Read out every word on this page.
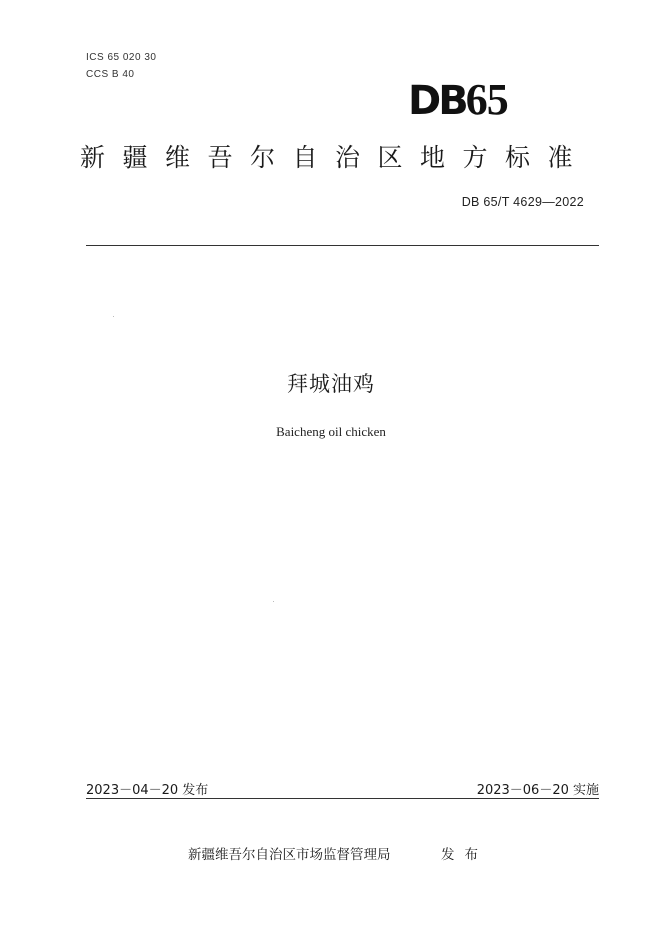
ICS 65 020 30
CCS B 40
DB65
新疆维吾尔自治区地方标准
DB 65/T 4629—2022
拜城油鸡
Baicheng oil chicken
2023－04－20 发布	2023－06－20 实施
新疆维吾尔自治区市场监督管理局	发布
